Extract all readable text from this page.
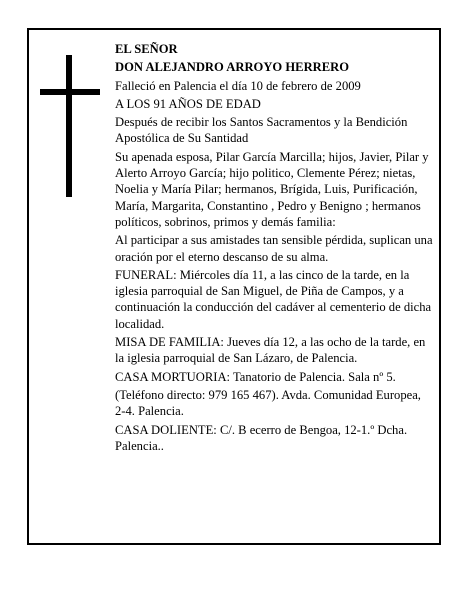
EL SEÑOR
DON ALEJANDRO ARROYO HERRERO
Falleció en Palencia el día 10 de febrero de 2009
A LOS 91 AÑOS DE EDAD
Después de recibir los Santos Sacramentos y la Bendición Apostólica de Su Santidad
Su apenada esposa, Pilar García Marcilla; hijos, Javier, Pilar y Alerto Arroyo García; hijo politico, Clemente Pérez; nietas, Noelia y María Pilar; hermanos, Brígida, Luis, Purificación, María, Margarita, Constantino , Pedro y Benigno ; hermanos políticos, sobrinos, primos y demás familia:
Al participar a sus amistades tan sensible pérdida, suplican una oración por el eterno descanso de su alma.
FUNERAL: Miércoles día 11, a las cinco de la tarde, en la iglesia parroquial de San Miguel, de Piña de Campos, y a continuación la conducción del cadáver al cementerio de dicha localidad.
MISA DE FAMILIA: Jueves día 12, a las ocho de la tarde, en la iglesia parroquial de San Lázaro, de Palencia.
CASA MORTUORIA: Tanatorio de Palencia. Sala nº 5.
(Teléfono directo: 979 165 467). Avda. Comunidad Europea, 2-4. Palencia.
CASA DOLIENTE: C/. B ecerro de Bengoa, 12-1.º Dcha. Palencia..
